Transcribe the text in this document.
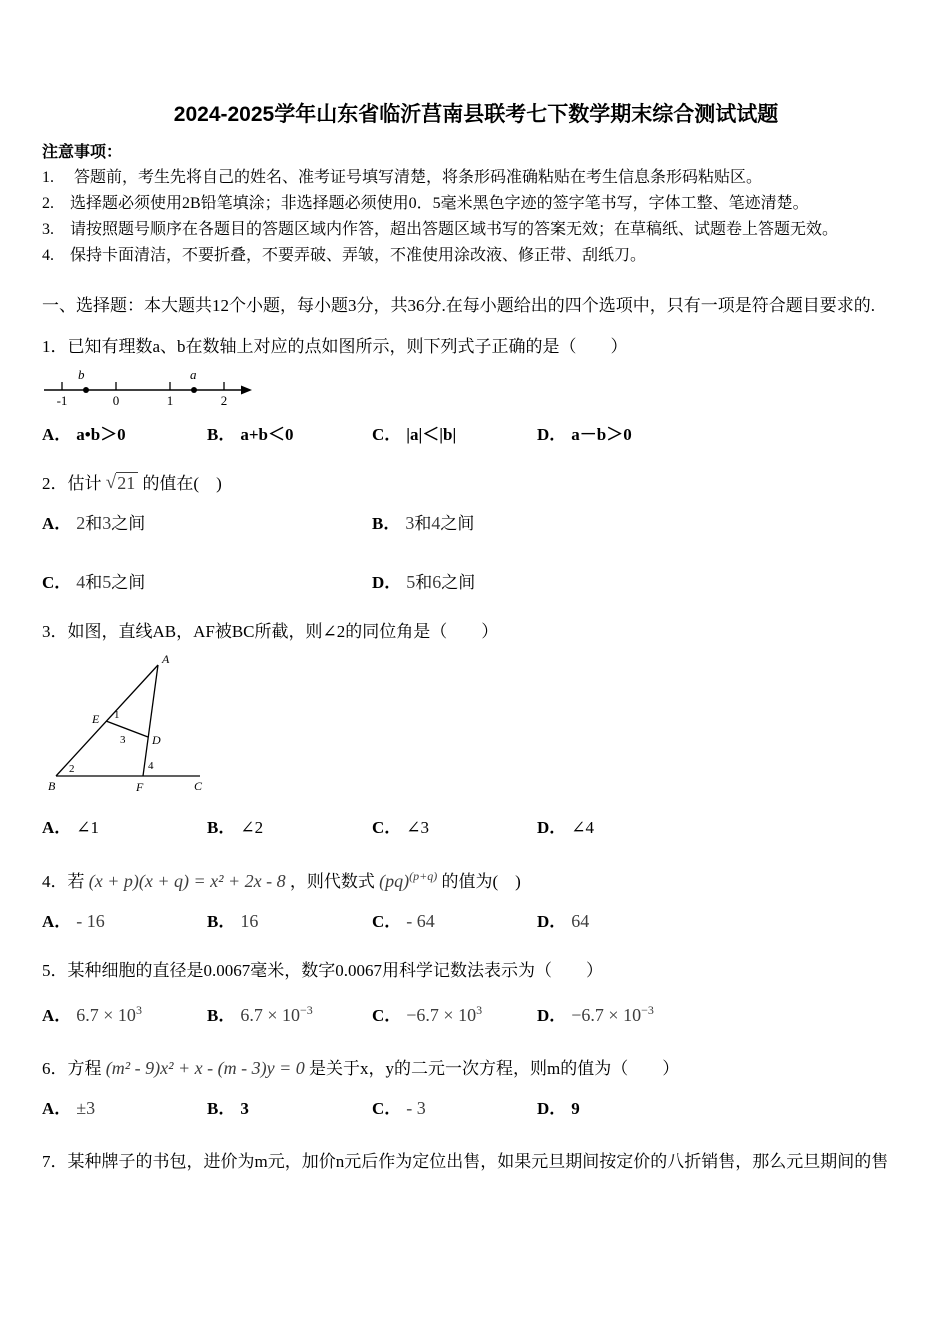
2024-2025学年山东省临沂莒南县联考七下数学期末综合测试试题

注意事项：

1.　 答题前，考生先将自己的姓名、准考证号填写清楚，将条形码准确粘贴在考生信息条形码粘贴区。

2.　选择题必须使用2B铅笔填涂；非选择题必须使用0．5毫米黑色字迹的签字笔书写，字体工整、笔迹清楚。

3.　请按照题号顺序在各题目的答题区域内作答，超出答题区域书写的答案无效；在草稿纸、试题卷上答题无效。

4.　保持卡面清洁，不要折叠，不要弄破、弄皱，不准使用涂改液、修正带、刮纸刀。

一、选择题：本大题共12个小题，每小题3分，共36分.在每小题给出的四个选项中，只有一项是符合题目要求的.

1．已知有理数a、b在数轴上对应的点如图所示，则下列式子正确的是（　　）

-1	0	1	2
b	a
A． a•b＞0	B． a+b＜0	C． |a|＜|b|	D． a－b＞0

2．估计 √21 的值在(　)

A． 2和3之间	B． 3和4之间
C． 4和5之间	D． 5和6之间

3．如图，直线AB，AF被BC所截，则∠2的同位角是（　　）

A
E
D
B	F	C
1
3
2	4
A． ∠1	B． ∠2	C． ∠3	D． ∠4

4．若 (x + p)(x + q) = x² + 2x - 8 ，则代数式 (pq)$^{(p+q)}$ 的值为(　)

A． - 16	B． 16	C． - 64	D． 64

5．某种细胞的直径是0.0067毫米，数字0.0067用科学记数法表示为（　　）

A． $6.7 \times 10^3$	B． $6.7 \times 10^{-3}$	C． $-6.7 \times 10^3$	D． $-6.7 \times 10^{-3}$

6．方程 (m² - 9)x² + x - (m - 3)y = 0 是关于x，y的二元一次方程，则m的值为（　　）

A． ±3	B． 3	C． - 3	D． 9

7．某种牌子的书包，进价为m元，加价n元后作为定位出售，如果元旦期间按定价的八折销售，那么元旦期间的售
